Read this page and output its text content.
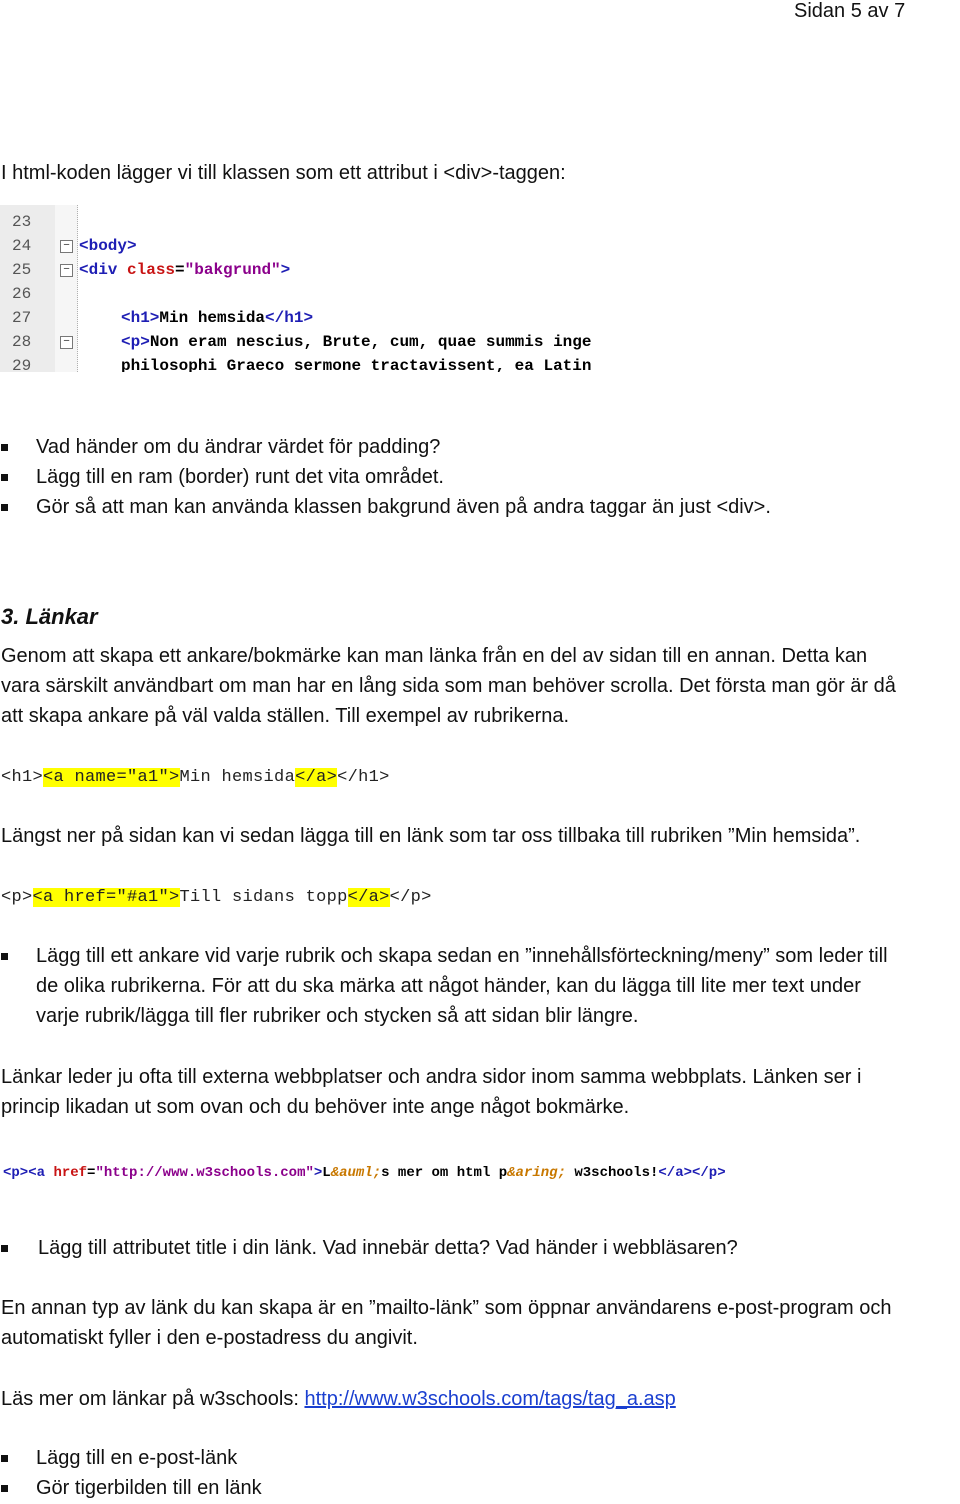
Sidan 5 av 7
I html-koden lägger vi till klassen som ett attribut i <div>-taggen:
23
24
25
26
27
28
29
−
−
−
<body>
<div class="bakgrund">
<h1>Min hemsida</h1>
<p>Non eram nescius, Brute, cum, quae summis inge
philosophi Graeco sermone tractavissent, ea Latin
Vad händer om du ändrar värdet för padding?
Lägg till en ram (border) runt det vita området.
Gör så att man kan använda klassen bakgrund även på andra taggar än just <div>.
3. Länkar
Genom att skapa ett ankare/bokmärke kan man länka från en del av sidan till en annan. Detta kan
vara särskilt användbart om man har en lång sida som man behöver scrolla. Det första man gör är då
att skapa ankare på väl valda ställen. Till exempel av rubrikerna.
<h1><a name="a1">Min hemsida</a></h1>
Längst ner på sidan kan vi sedan lägga till en länk som tar oss tillbaka till rubriken ”Min hemsida”.
<p><a href="#a1">Till sidans topp</a></p>
Lägg till ett ankare vid varje rubrik och skapa sedan en ”innehållsförteckning/meny” som leder till
de olika rubrikerna. För att du ska märka att något händer, kan du lägga till lite mer text under
varje rubrik/lägga till fler rubriker och stycken så att sidan blir längre.
Länkar leder ju ofta till externa webbplatser och andra sidor inom samma webbplats. Länken ser i
princip likadan ut som ovan och du behöver inte ange något bokmärke.
<p><a href="http://www.w3schools.com">L&auml;s mer om html p&aring; w3schools!</a></p>
Lägg till attributet title i din länk. Vad innebär detta? Vad händer i webbläsaren?
En annan typ av länk du kan skapa är en ”mailto-länk” som öppnar användarens e-post-program och
automatiskt fyller i den e-postadress du angivit.
Läs mer om länkar på w3schools: http://www.w3schools.com/tags/tag_a.asp
Lägg till en e-post-länk
Gör tigerbilden till en länk
